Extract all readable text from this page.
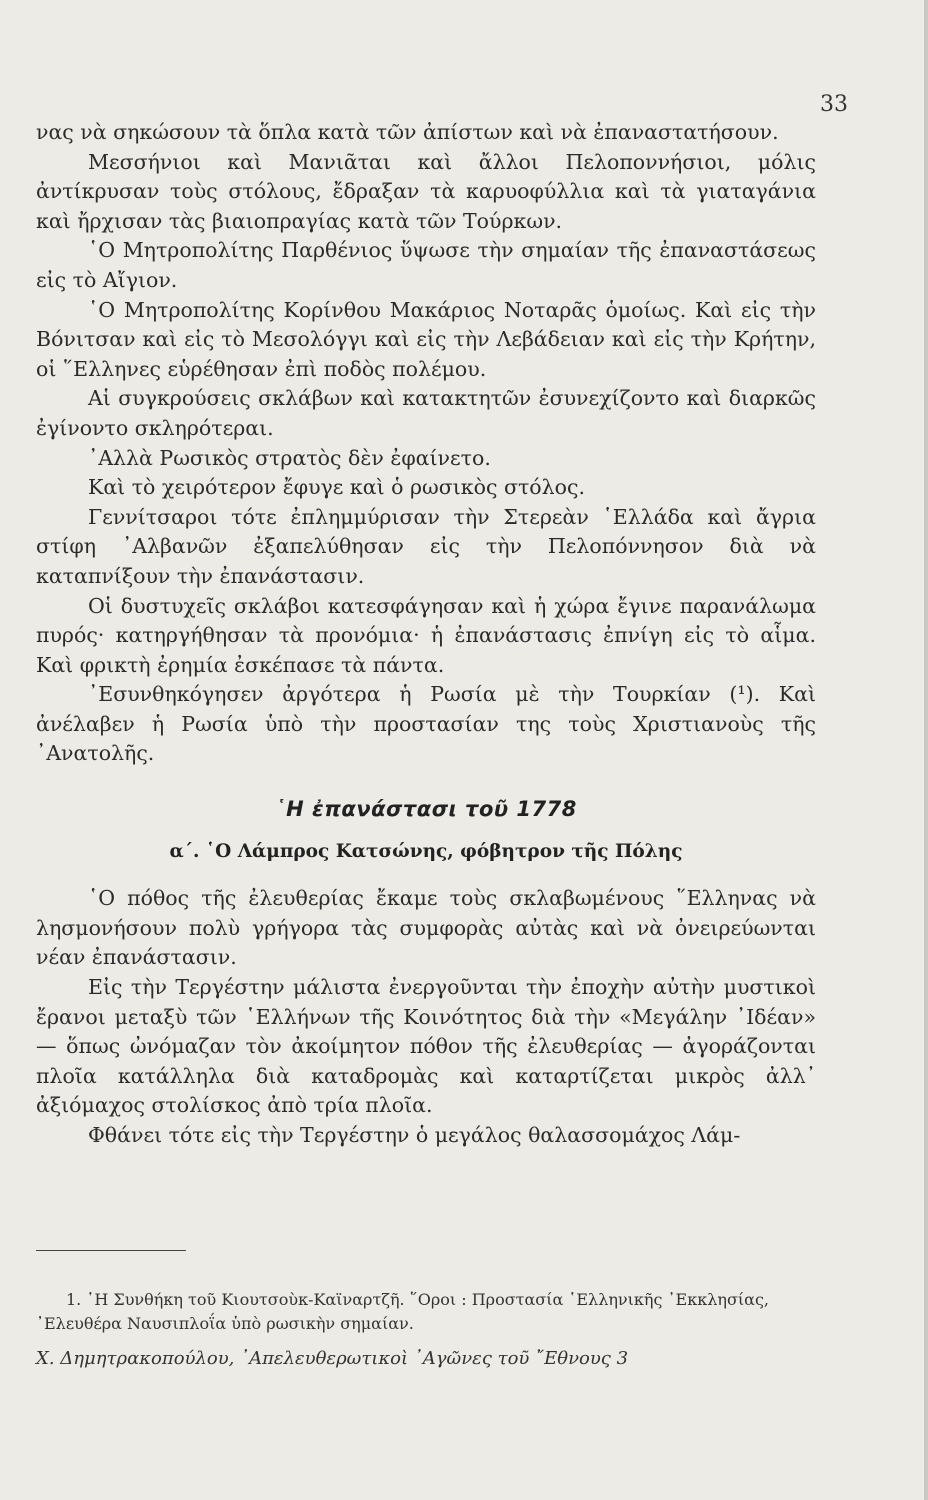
33

νας νὰ σηκώσουν τὰ ὅπλα κατὰ τῶν ἀπίστων καὶ νὰ ἐπαναστατήσουν.

Μεσσήνιοι καὶ Μανιᾶται καὶ ἄλλοι Πελοποννήσιοι, μόλις ἀντίκρυσαν τοὺς στόλους, ἔδραξαν τὰ καρυοφύλλια καὶ τὰ γιαταγάνια καὶ ἤρχισαν τὰς βιαιοπραγίας κατὰ τῶν Τούρκων.

῾Ο Μητροπολίτης Παρθένιος ὕψωσε τὴν σημαίαν τῆς ἐπαναστάσεως εἰς τὸ Αἴγιον.

῾Ο Μητροπολίτης Κορίνθου Μακάριος Νοταρᾶς ὁμοίως. Καὶ εἰς τὴν Βόνιτσαν καὶ εἰς τὸ Μεσολόγγι καὶ εἰς τὴν Λεβάδειαν καὶ εἰς τὴν Κρήτην, οἱ ῞Ελληνες εὑρέθησαν ἐπὶ ποδὸς πολέμου.

Αἱ συγκρούσεις σκλάβων καὶ κατακτητῶν ἐσυνεχίζοντο καὶ διαρκῶς ἐγίνοντο σκληρότεραι.

᾿Αλλὰ Ρωσικὸς στρατὸς δὲν ἐφαίνετο.

Καὶ τὸ χειρότερον ἔφυγε καὶ ὁ ρωσικὸς στόλος.

Γεννίτσαροι τότε ἐπλημμύρισαν τὴν Στερεὰν ῾Ελλάδα καὶ ἄγρια στίφη ᾿Αλβανῶν ἐξαπελύθησαν εἰς τὴν Πελοπόννησον διὰ νὰ καταπνίξουν τὴν ἐπανάστασιν.

Οἱ δυστυχεῖς σκλάβοι κατεσφάγησαν καὶ ἡ χώρα ἔγινε παρανάλωμα πυρός· κατηργήθησαν τὰ προνόμια· ἡ ἐπανάστασις ἐπνίγη εἰς τὸ αἷμα. Καὶ φρικτὴ ἐρημία ἐσκέπασε τὰ πάντα.

᾿Εσυνθηκόγησεν ἀργότερα ἡ Ρωσία μὲ τὴν Τουρκίαν (¹). Καὶ ἀνέλαβεν ἡ Ρωσία ὑπὸ τὴν προστασίαν της τοὺς Χριστιανοὺς τῆς ᾿Ανατολῆς.

῾Η ἐπανάστασι τοῦ 1778
α΄. ῾Ο Λάμπρος Κατσώνης, φόβητρον τῆς Πόλης

῾Ο πόθος τῆς ἐλευθερίας ἔκαμε τοὺς σκλαβωμένους ῞Ελληνας νὰ λησμονήσουν πολὺ γρήγορα τὰς συμφορὰς αὐτὰς καὶ νὰ ὀνειρεύωνται νέαν ἐπανάστασιν.

Εἰς τὴν Τεργέστην μάλιστα ἐνεργοῦνται τὴν ἐποχὴν αὐτὴν μυστικοὶ ἔρανοι μεταξὺ τῶν ῾Ελλήνων τῆς Κοινότητος διὰ τὴν «Μεγάλην ᾿Ιδέαν» — ὅπως ὠνόμαζαν τὸν ἀκοίμητον πόθον τῆς ἐλευθερίας — ἀγοράζονται πλοῖα κατάλληλα διὰ καταδρομὰς καὶ καταρτίζεται μικρὸς ἀλλ᾿ ἀξιόμαχος στολίσκος ἀπὸ τρία πλοῖα.

Φθάνει τότε εἰς τὴν Τεργέστην ὁ μεγάλος θαλασσομάχος Λάμ-

1. ῾Η Συνθήκη τοῦ Κιουτσοὺκ-Καϊναρτζῆ. ῞Οροι : Προστασία ῾Ελληνικῆς ᾿Εκκλησίας, ᾿Ελευθέρα Ναυσιπλοΐα ὑπὸ ρωσικὴν σημαίαν.

Χ. Δημητρακοπούλου, ᾿Απελευθερωτικοὶ ᾿Αγῶνες τοῦ ῎Εθνους 3
